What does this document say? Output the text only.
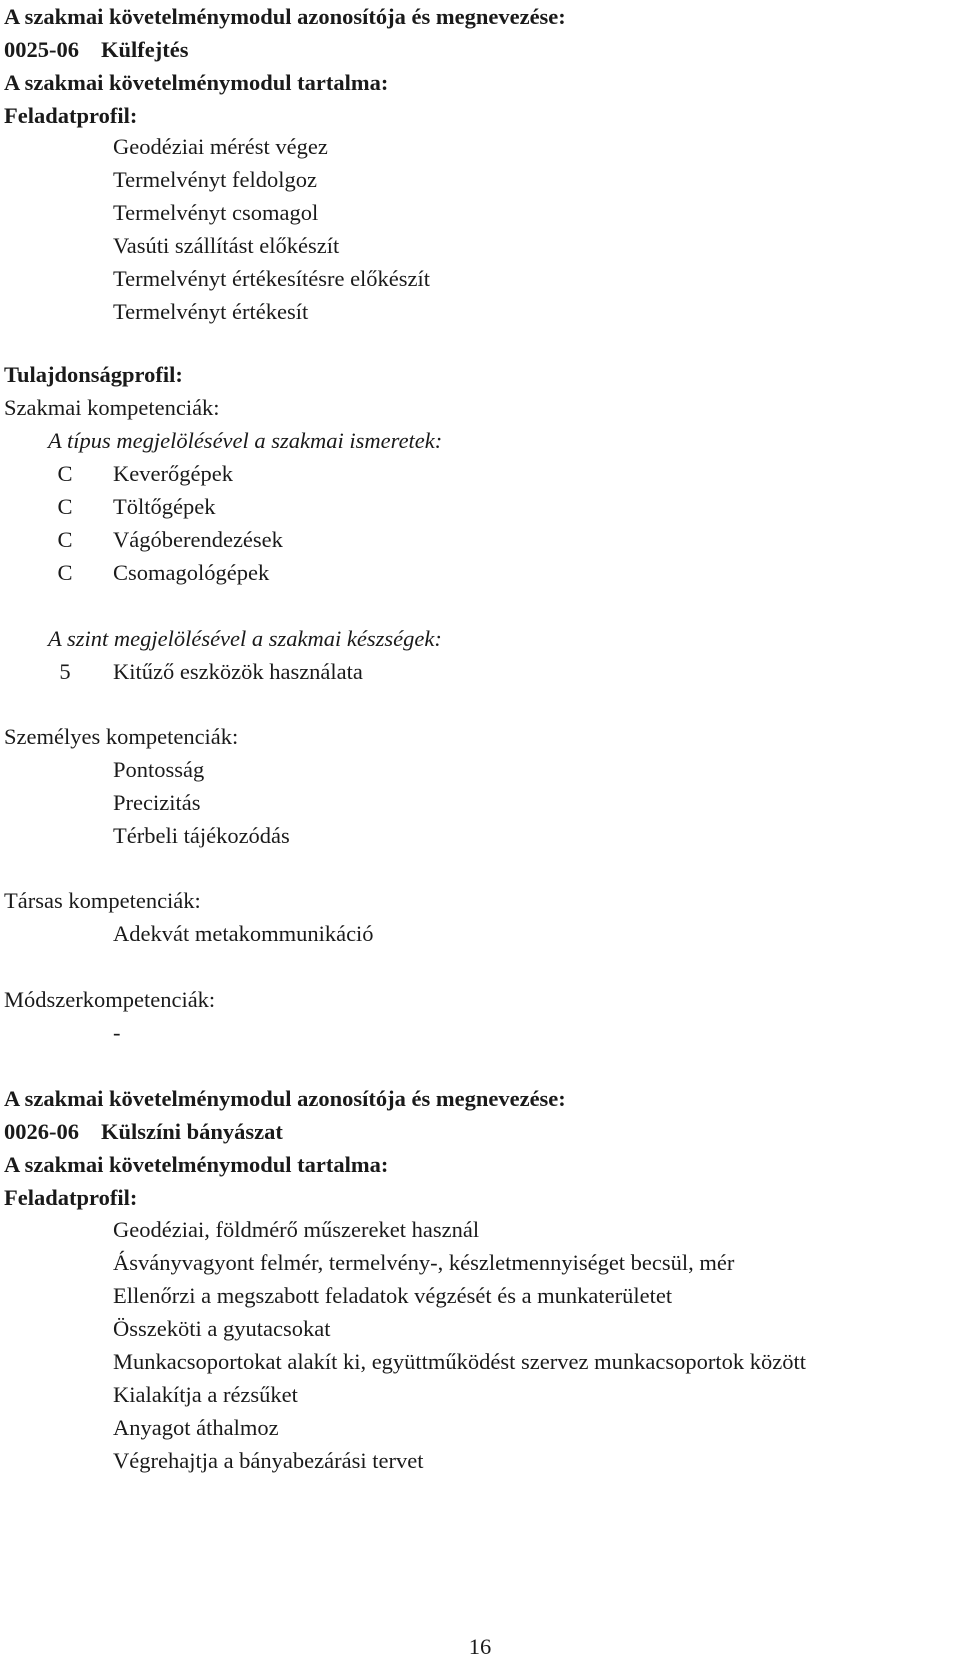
A szakmai követelménymodul azonosítója és megnevezése:
0025-06 Külfejtés
A szakmai követelménymodul tartalma:
Feladatprofil:
Geodéziai mérést végez
Termelvényt feldolgoz
Termelvényt csomagol
Vasúti szállítást előkészít
Termelvényt értékesítésre előkészít
Termelvényt értékesít
Tulajdonságprofil:
Szakmai kompetenciák:
A típus megjelölésével a szakmai ismeretek:
C Keverőgépek
C Töltőgépek
C Vágóberendezések
C Csomagológépek
A szint megjelölésével a szakmai készségek:
5	Kitűző eszközök használata
Személyes kompetenciák:
Pontosság
Precizitás
Térbeli tájékozódás
Társas kompetenciák:
Adekvát metakommunikáció
Módszerkompetenciák:
-
A szakmai követelménymodul azonosítója és megnevezése:
0026-06 Külszíni bányászat
A szakmai követelménymodul tartalma:
Feladatprofil:
Geodéziai, földmérő műszereket használ
Ásványvagyont felmér, termelvény-, készletmennyiséget becsül, mér
Ellenőrzi a megszabott feladatok végzését és a munkaterületet
Összeköti a gyutacsokat
Munkacsoportokat alakít ki, együttműködést szervez munkacsoportok között
Kialakítja a rézsűket
Anyagot áthalmoz
Végrehajtja a bányabezárási tervet
16
